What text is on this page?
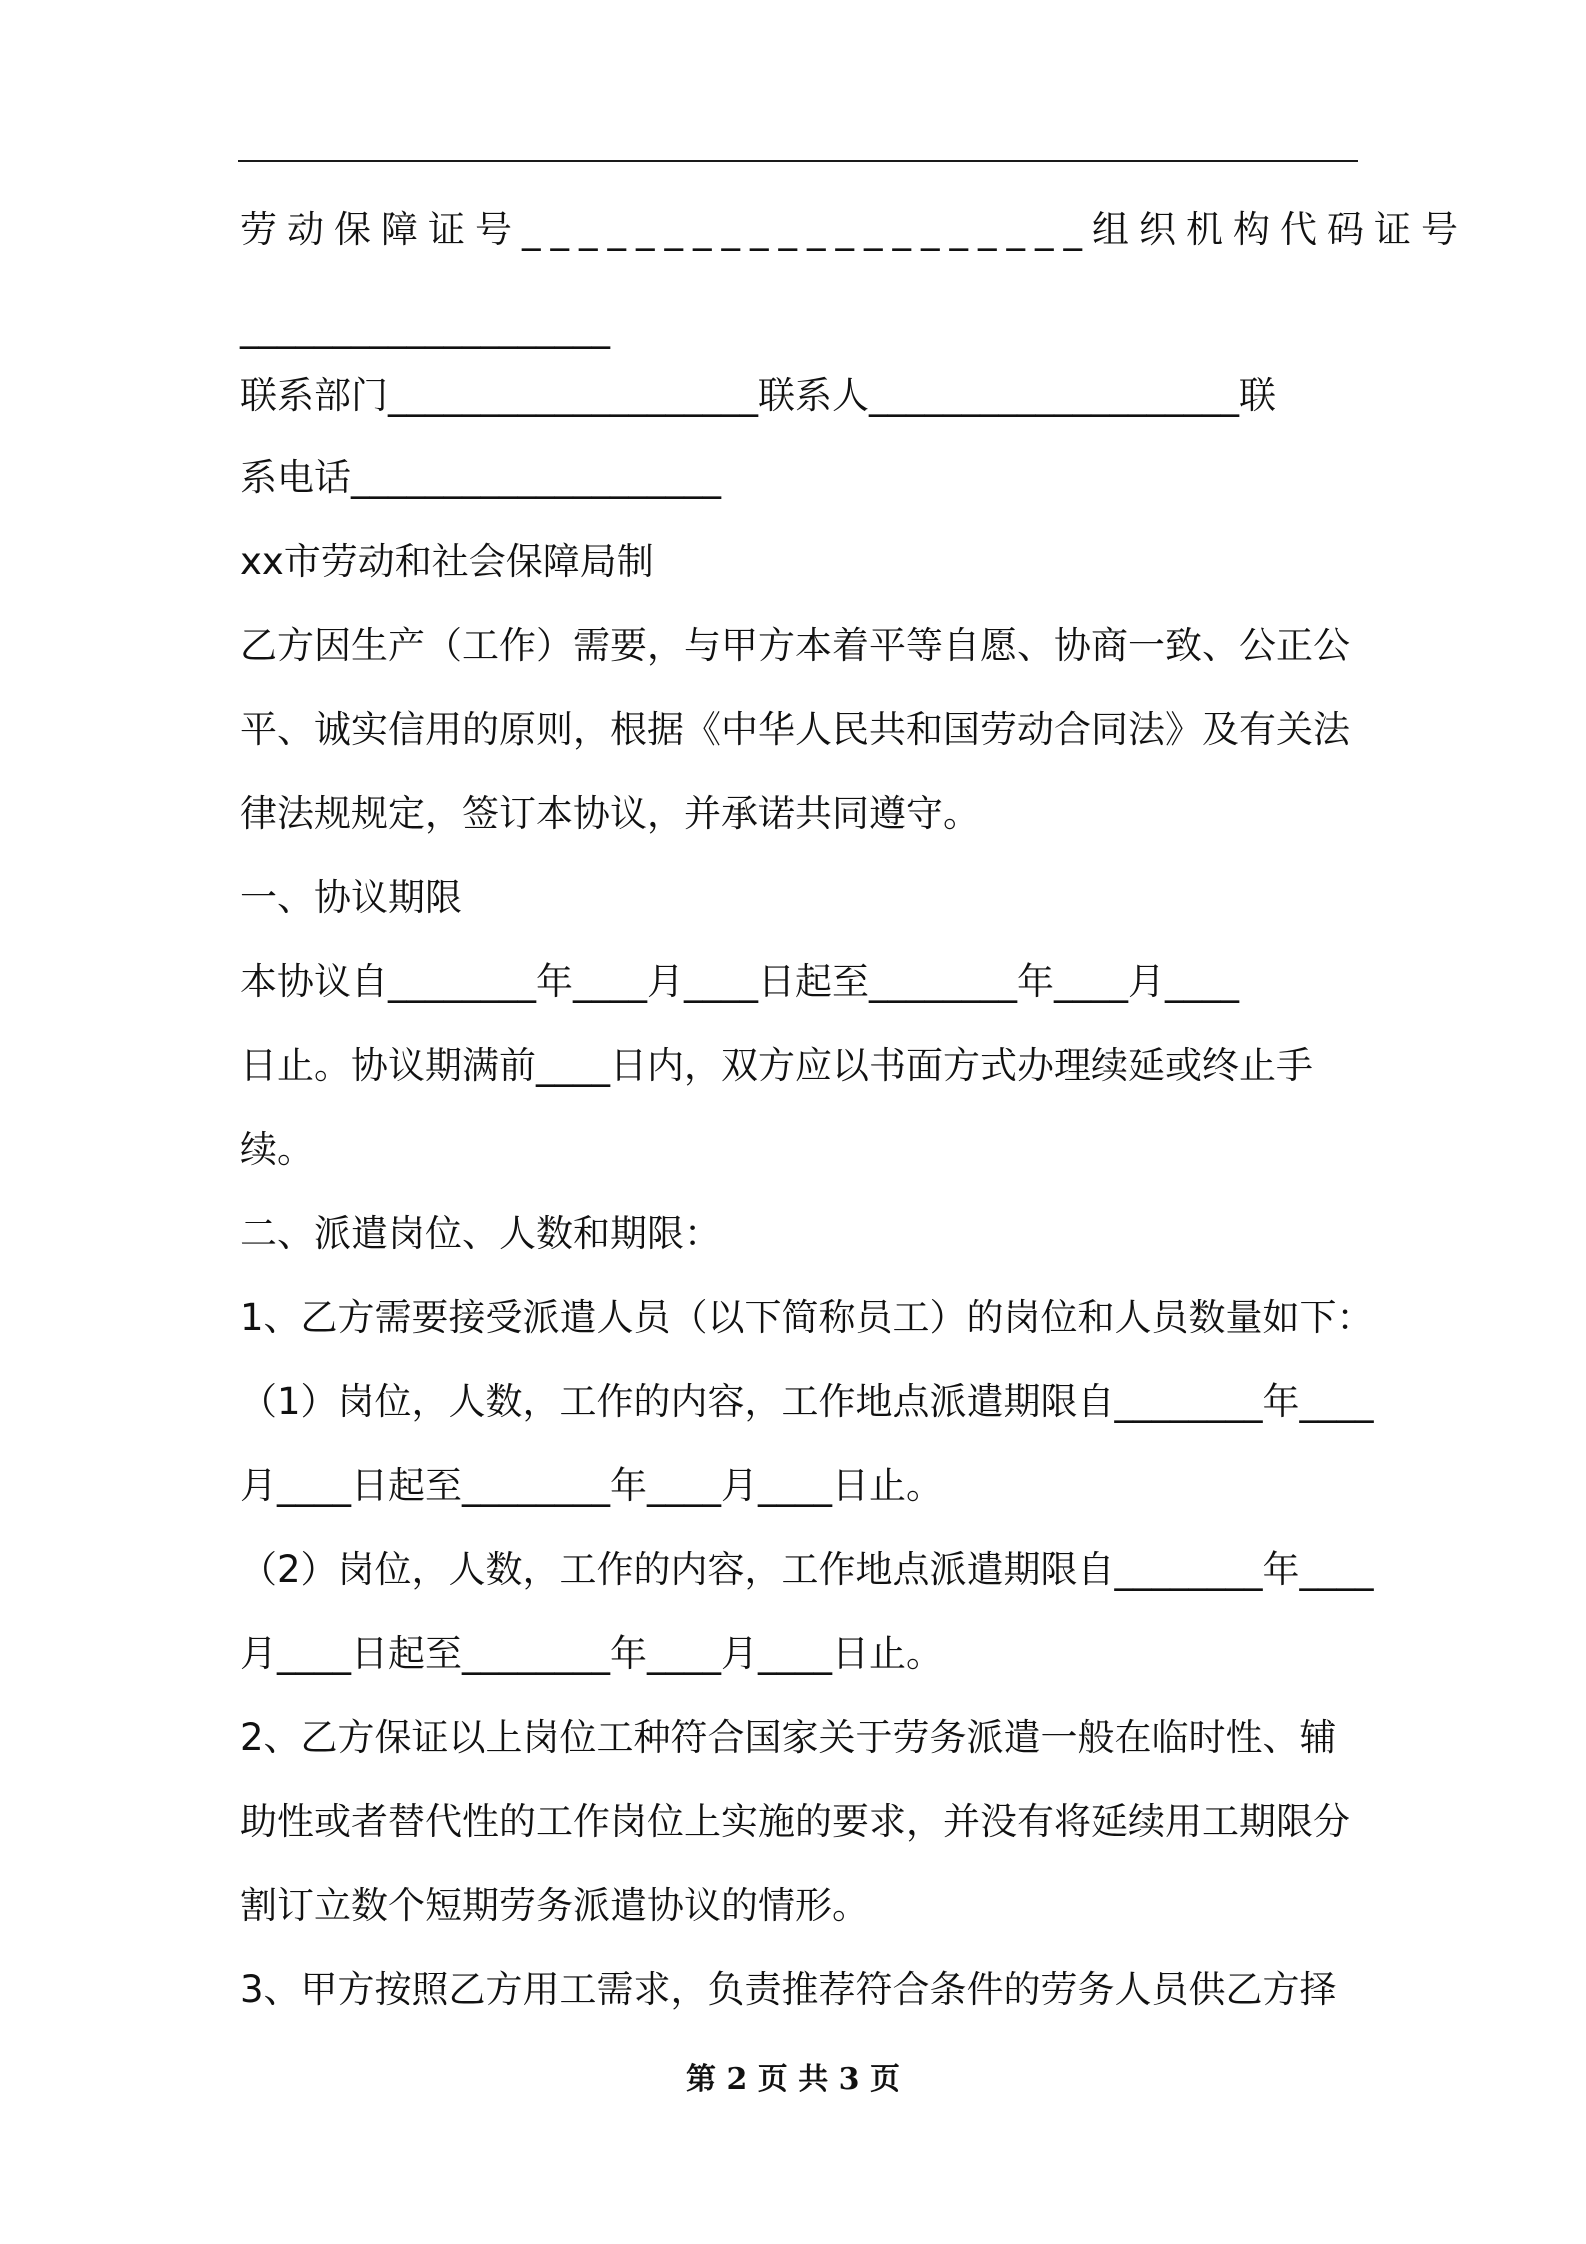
劳动保障证号____________________组织机构代码证号

____________________

联系部门____________________联系人____________________联

系电话____________________

xx市劳动和社会保障局制

乙方因生产（工作）需要，与甲方本着平等自愿、协商一致、公正公

平、诚实信用的原则，根据《中华人民共和国劳动合同法》及有关法

律法规规定，签订本协议，并承诺共同遵守。

一、协议期限

本协议自________年____月____日起至________年____月____

日止。协议期满前____日内，双方应以书面方式办理续延或终止手

续。

二、派遣岗位、人数和期限：

1、乙方需要接受派遣人员（以下简称员工）的岗位和人员数量如下：

（1）岗位，人数，工作的内容，工作地点派遣期限自________年____

月____日起至________年____月____日止。

（2）岗位，人数，工作的内容，工作地点派遣期限自________年____

月____日起至________年____月____日止。

2、乙方保证以上岗位工种符合国家关于劳务派遣一般在临时性、辅

助性或者替代性的工作岗位上实施的要求，并没有将延续用工期限分

割订立数个短期劳务派遣协议的情形。

3、甲方按照乙方用工需求，负责推荐符合条件的劳务人员供乙方择

第 2 页 共 3 页
